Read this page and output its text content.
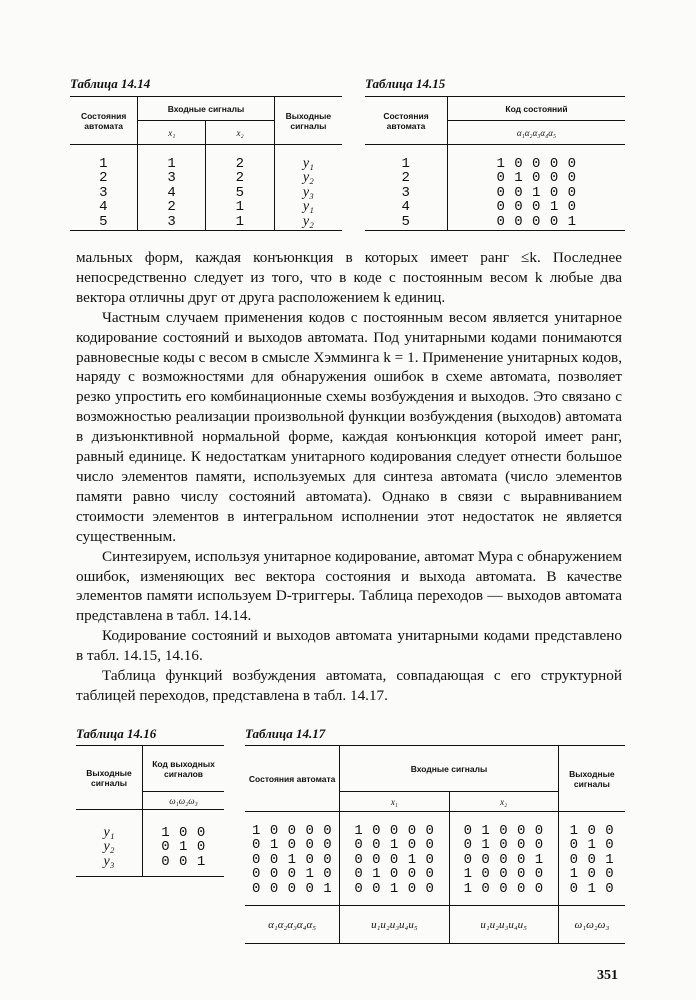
Таблица 14.14	Таблица 14.15
Состояния автомата	Входные сигналы		Выходные сигналы
	x₁	x₂	

1	1	2	y₁
2	3	2	y₂
3	4	5	y₃
4	2	1	y₁
5	3	1	y₂
Состояния автомата	Код состояний
	α₁α₂α₃α₄α₅

1	1 0 0 0 0
2	0 1 0 0 0
3	0 0 1 0 0
4	0 0 0 1 0
5	0 0 0 0 1

мальных форм, каждая конъюнкция в которых имеет ранг ≤k. Последнее непосредственно следует из того, что в коде с постоянным весом k любые два вектора отличны друг от друга расположением k единиц.

Частным случаем применения кодов с постоянным весом является унитарное кодирование состояний и выходов автомата. Под унитарными кодами понимаются равновесные коды с весом в смысле Хэмминга k = 1. Применение унитарных кодов, наряду с возможностями для обнаружения ошибок в схеме автомата, позволяет резко упростить его комбинационные схемы возбуждения и выходов. Это связано с возможностью реализации произвольной функции возбуждения (выходов) автомата в дизъюнктивной нормальной форме, каждая конъюнкция которой имеет ранг, равный единице. К недостаткам унитарного кодирования следует отнести большое число элементов памяти, используемых для синтеза автомата (число элементов памяти равно числу состояний автомата). Однако в связи с выравниванием стоимости элементов в интегральном исполнении этот недостаток не является существенным.

Синтезируем, используя унитарное кодирование, автомат Мура с обнаружением ошибок, изменяющих вес вектора состояния и выхода автомата. В качестве элементов памяти используем D-триггеры. Таблица переходов — выходов автомата представлена в табл. 14.14.

Кодирование состояний и выходов автомата унитарными кодами представлено в табл. 14.15, 14.16.

Таблица функций возбуждения автомата, совпадающая с его структурной таблицей переходов, представлена в табл. 14.17.

Таблица 14.16	Таблица 14.17
Выходные сигналы	Код выходных сигналов
	ω₁ω₂ω₃

y₁	1 0 0
y₂	0 1 0
y₃	0 0 1
Состояния автомата	Входные сигналы		Выходные сигналы
	x₁	x₂	

1 0 0 0 0	1 0 0 0 0	0 1 0 0 0	1 0 0
0 1 0 0 0	0 0 1 0 0	0 1 0 0 0	0 1 0
0 0 1 0 0	0 0 0 1 0	0 0 0 0 1	0 0 1
0 0 0 1 0	0 1 0 0 0	1 0 0 0 0	1 0 0
0 0 0 0 1	0 0 1 0 0	1 0 0 0 0	0 1 0
α₁α₂α₃α₄α₅	u₁u₂u₃u₄u₅	u₁u₂u₃u₄u₅	ω₁ω₂ω₃
351
